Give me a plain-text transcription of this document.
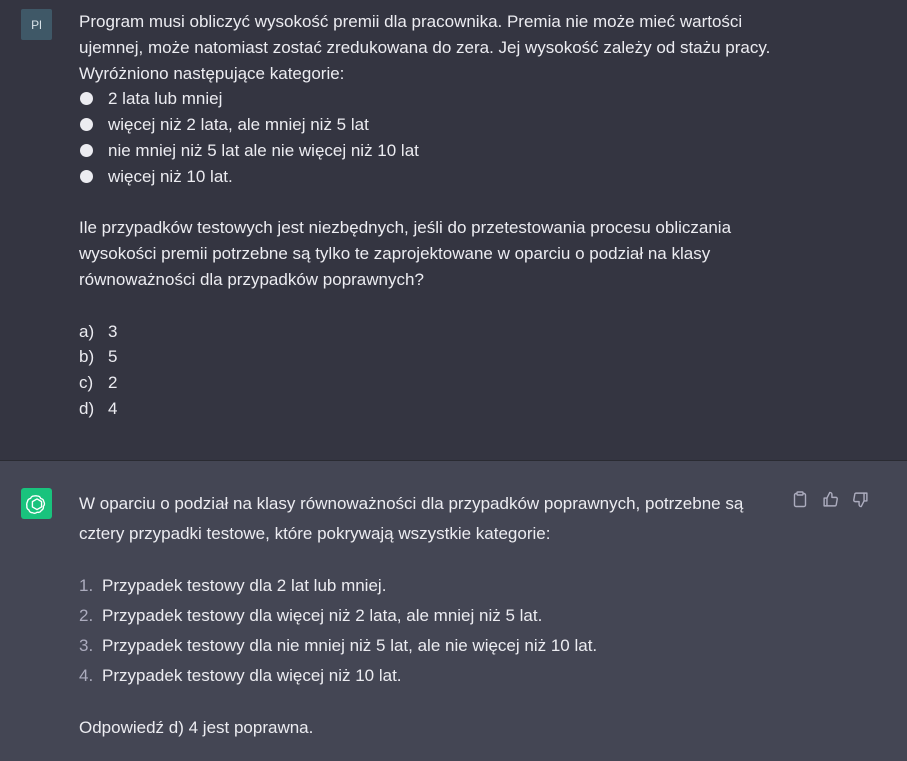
Pl Program musi obliczyć wysokość premii dla pracownika. Premia nie może mieć wartości ujemnej, może natomiast zostać zredukowana do zera. Jej wysokość zależy od stażu pracy. Wyróżniono następujące kategorie:

2 lata lub mniej
więcej niż 2 lata, ale mniej niż 5 lat
nie mniej niż 5 lat ale nie więcej niż 10 lat
więcej niż 10 lat.

Ile przypadków testowych jest niezbędnych, jeśli do przetestowania procesu obliczania wysokości premii potrzebne są tylko te zaprojektowane w oparciu o podział na klasy równoważności dla przypadków poprawnych?

a) 3
b) 5
c) 2
d) 4

W oparciu o podział na klasy równoważności dla przypadków poprawnych, potrzebne są cztery przypadki testowe, które pokrywają wszystkie kategorie:

1. Przypadek testowy dla 2 lat lub mniej.
2. Przypadek testowy dla więcej niż 2 lata, ale mniej niż 5 lat.
3. Przypadek testowy dla nie mniej niż 5 lat, ale nie więcej niż 10 lat.
4. Przypadek testowy dla więcej niż 10 lat.

Odpowiedź d) 4 jest poprawna.
